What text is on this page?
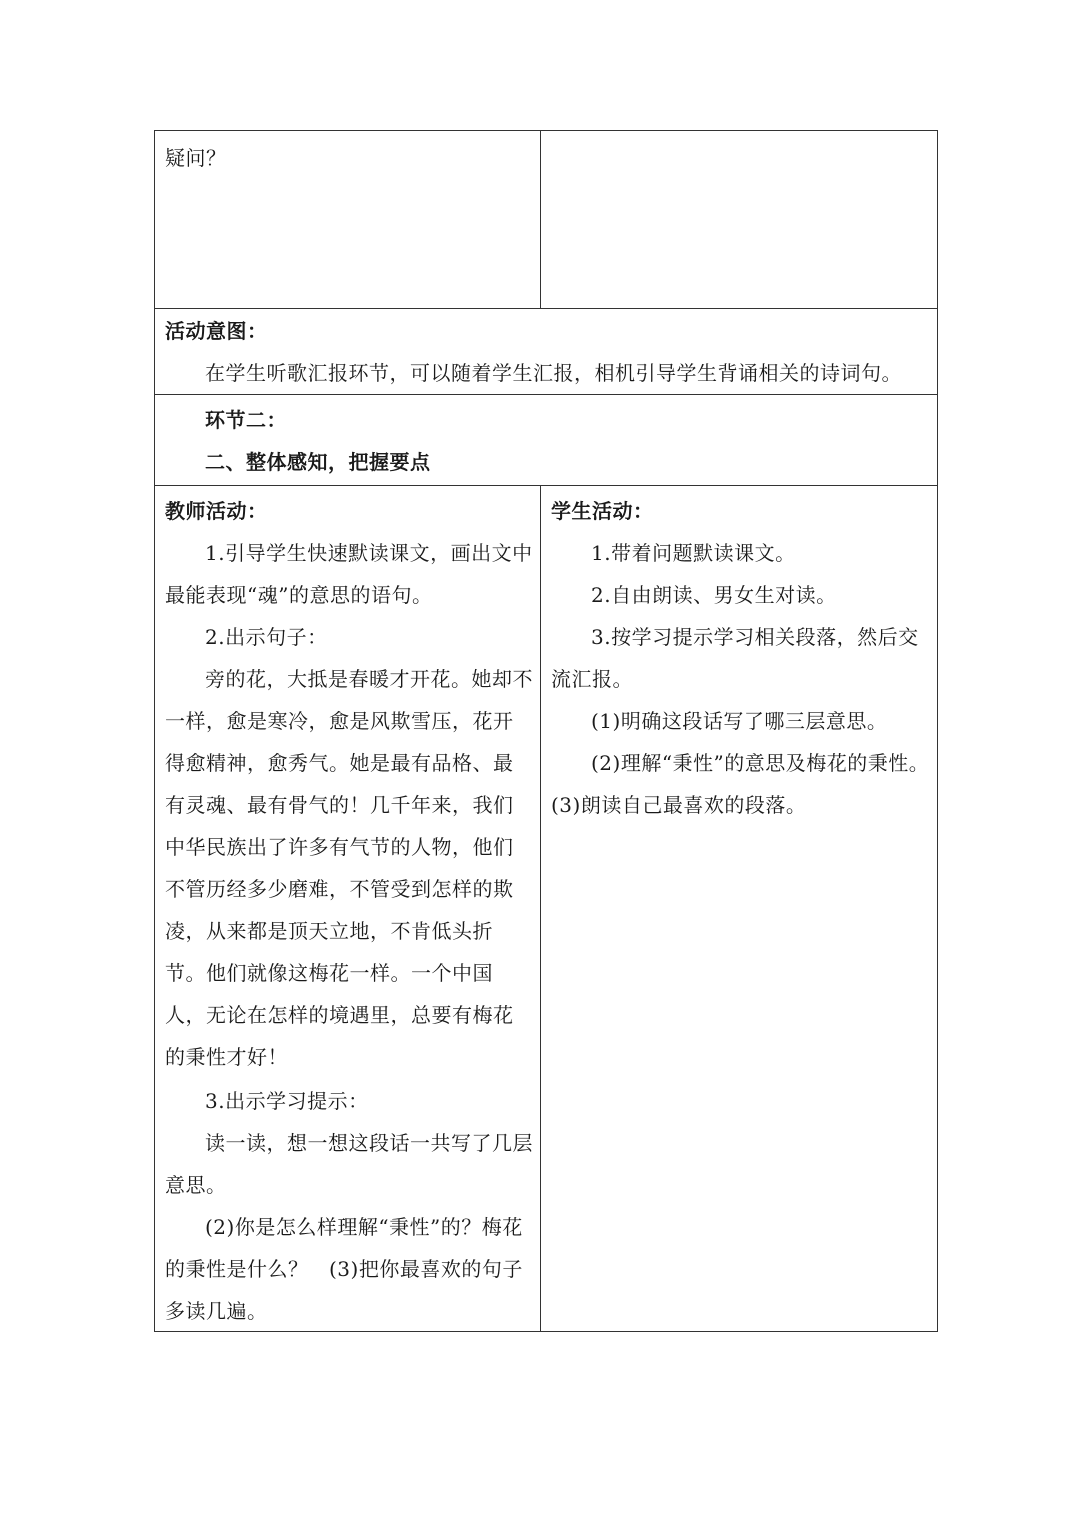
疑问？

活动意图：

在学生听歌汇报环节，可以随着学生汇报，相机引导学生背诵相关的诗词句。

环节二：

二、整体感知，把握要点

教师活动：

1.引导学生快速默读课文，画出文中最能表现“魂”的意思的语句。

2.出示句子：

旁的花，大抵是春暖才开花。她却不一样，愈是寒冷，愈是风欺雪压，花开得愈精神，愈秀气。她是最有品格、最有灵魂、最有骨气的！几千年来，我们中华民族出了许多有气节的人物，他们不管历经多少磨难，不管受到怎样的欺凌，从来都是顶天立地，不肯低头折节。他们就像这梅花一样。一个中国人，无论在怎样的境遇里，总要有梅花的秉性才好！

3.出示学习提示：

读一读，想一想这段话一共写了几层意思。

(2)你是怎么样理解“秉性”的？梅花的秉性是什么？　(3)把你最喜欢的句子多读几遍。

学生活动：

1.带着问题默读课文。

2.自由朗读、男女生对读。

3.按学习提示学习相关段落，然后交流汇报。

(1)明确这段话写了哪三层意思。

(2)理解“秉性”的意思及梅花的秉性。(3)朗读自己最喜欢的段落。
